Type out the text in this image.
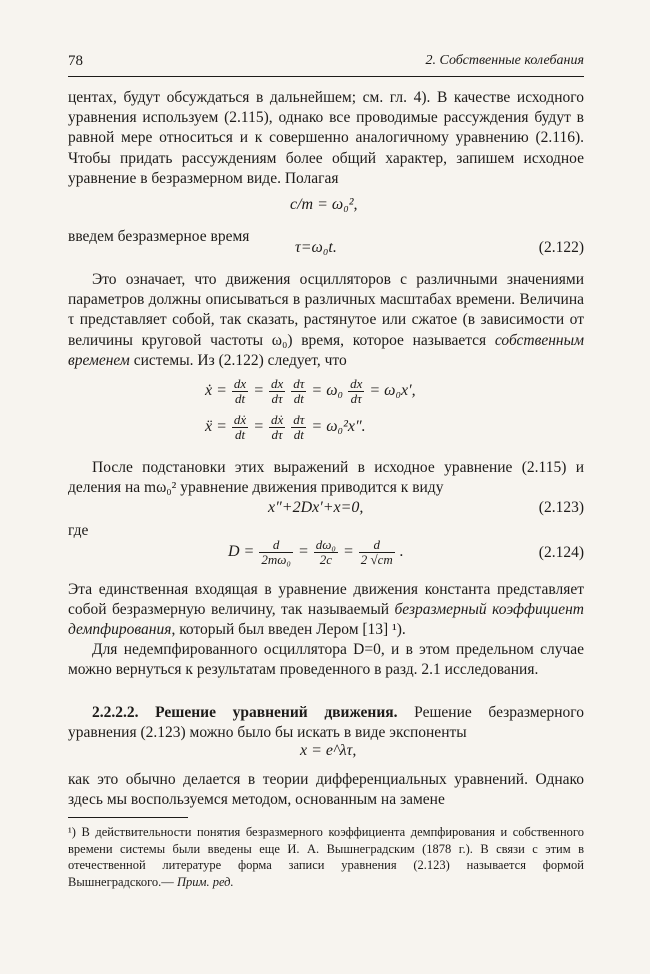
78	2. Собственные колебания

центах, будут обсуждаться в дальнейшем; см. гл. 4). В качестве исходного уравнения используем (2.115), однако все проводимые рассуждения будут в равной мере относиться и к совершенно аналогичному уравнению (2.116). Чтобы придать рассуждениям более общий характер, запишем исходное уравнение в безразмерном виде. Полагая

c/m = ω₀²,
введем безразмерное время
τ=ω₀t.	(2.122)

Это означает, что движения осцилляторов с различными значениями параметров должны описываться в различных масштабах времени. Величина τ представляет собой, так сказать, растянутое или сжатое (в зависимости от величины круговой частоты ω₀) время, которое называется собственным временем системы. Из (2.122) следует, что

ẋ = $\frac{dx}{dt} = \frac{dx}{d\tau}$
$\frac{d\tau}{dt} = \omega_0 \frac{dx}{d\tau} = \omega_0x'$,
ẍ = $\frac{\text{dẋ}}{dt} = \frac{\text{dẋ}}{d\tau}$
$\frac{d\tau}{dt} = \omega_0^2x''$.

После подстановки этих выражений в исходное уравнение (2.115) и деления на mω₀² уравнение движения приводится к виду

x″+2Dx′+x=0,	(2.123)
где
$D = \frac{d}{\text{2mω₀}} = \frac{\text{dω₀}}{2c} = \frac{d}{2 √cm}$ .	(2.124)

Эта единственная входящая в уравнение движения константа представляет собой безразмерную величину, так называемый безразмерный коэффициент демпфирования, который был введен Лером [13] ¹).

Для недемпфированного осциллятора D=0, и в этом предельном случае можно вернуться к результатам проведенного в разд. 2.1 исследования.

2.2.2.2. Решение уравнений движения. Решение безразмерного уравнения (2.123) можно было бы искать в виде экспоненты

x = e^λτ,

как это обычно делается в теории дифференциальных уравнений. Однако здесь мы воспользуемся методом, основанным на замене

¹) В действительности понятия безразмерного коэффициента демпфирования и собственного времени системы были введены еще И. А. Вышнеградским (1878 г.). В связи с этим в отечественной литературе форма записи уравнения (2.123) называется формой Вышнеградского.— Прим. ред.
